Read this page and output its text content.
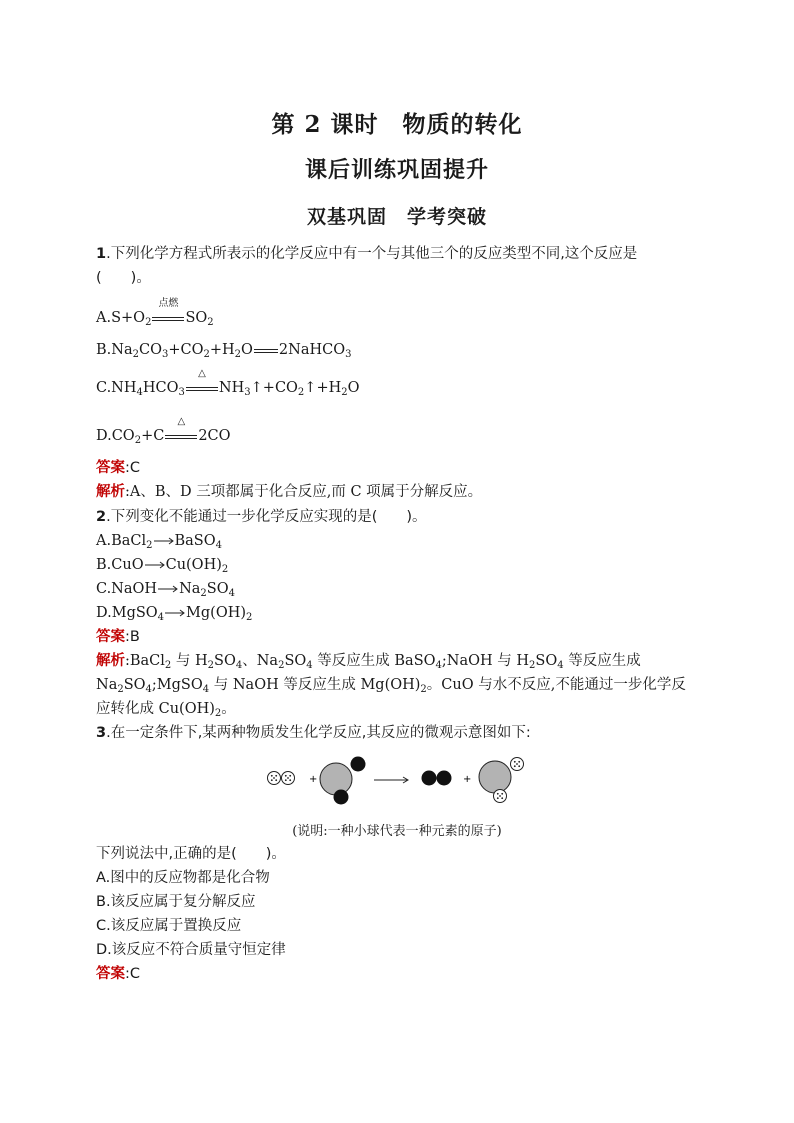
第 2 课时　物质的转化
课后训练巩固提升
双基巩固　学考突破
1.下列化学方程式所表示的化学反应中有一个与其他三个的反应类型不同,这个反应是
(　　)。
$A.S+O_2$
点燃
$SO_2$
$B.Na_2CO_3+CO_2+H_2O$ 2NaHCO$_3$
$C.NH_4HCO_3$
△
$NH_3↑+CO_2↑+H_2O$
$D.CO_2+C$
△
2CO
答案:C
解析:A、B、D 三项都属于化合反应,而 C 项属于分解反应。
2.下列变化不能通过一步化学反应实现的是(　　)。
A.BaCl$_2$ BaSO$_4$
B.CuO $Cu(OH)_2$
C.NaOH $Na_2SO_4$
D.MgSO$_4$ $Mg(OH)_2$
答案:B
解析:BaCl$_2$ 与 $H_2SO_4$、$Na_2SO_4$ 等反应生成 BaSO$_4$;NaOH 与 $H_2SO_4$ 等反应生成
$Na_2SO_4;MgSO_4$ 与 NaOH 等反应生成 $Mg(OH)_2$。CuO 与水不反应,不能通过一步化学反
应转化成 $Cu(OH)_2$。
3.在一定条件下,某两种物质发生化学反应,其反应的微观示意图如下:
+	+
(说明:一种小球代表一种元素的原子)
下列说法中,正确的是(　　)。
A.图中的反应物都是化合物
B.该反应属于复分解反应
C.该反应属于置换反应
D.该反应不符合质量守恒定律
答案:C
